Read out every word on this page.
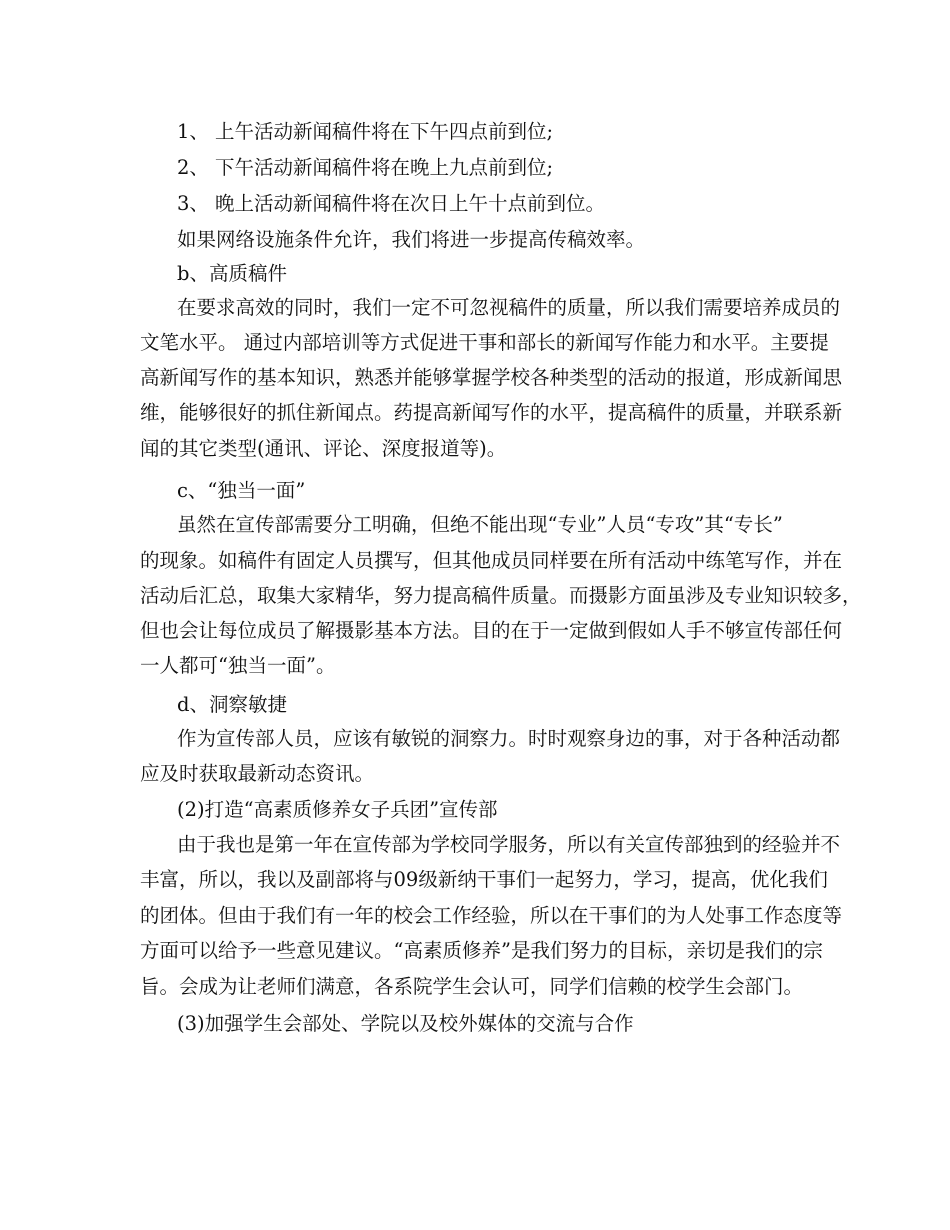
1、 上午活动新闻稿件将在下午四点前到位;
2、 下午活动新闻稿件将在晚上九点前到位;
3、 晚上活动新闻稿件将在次日上午十点前到位。
如果网络设施条件允许，我们将进一步提高传稿效率。
b、高质稿件
在要求高效的同时，我们一定不可忽视稿件的质量，所以我们需要培养成员的
文笔水平。 通过内部培训等方式促进干事和部长的新闻写作能力和水平。主要提
高新闻写作的基本知识，熟悉并能够掌握学校各种类型的活动的报道，形成新闻思
维，能够很好的抓住新闻点。药提高新闻写作的水平，提高稿件的质量，并联系新
闻的其它类型(通讯、评论、深度报道等)。
c、“独当一面”
虽然在宣传部需要分工明确，但绝不能出现“专业”人员“专攻”其“专长”
的现象。如稿件有固定人员撰写，但其他成员同样要在所有活动中练笔写作，并在
活动后汇总，取集大家精华，努力提高稿件质量。而摄影方面虽涉及专业知识较多，
但也会让每位成员了解摄影基本方法。目的在于一定做到假如人手不够宣传部任何
一人都可“独当一面”。
d、洞察敏捷
作为宣传部人员，应该有敏锐的洞察力。时时观察身边的事，对于各种活动都
应及时获取最新动态资讯。
(2)打造“高素质修养女子兵团”宣传部
由于我也是第一年在宣传部为学校同学服务，所以有关宣传部独到的经验并不
丰富，所以，我以及副部将与09级新纳干事们一起努力，学习，提高，优化我们
的团体。但由于我们有一年的校会工作经验，所以在干事们的为人处事工作态度等
方面可以给予一些意见建议。“高素质修养”是我们努力的目标，亲切是我们的宗
旨。会成为让老师们满意，各系院学生会认可，同学们信赖的校学生会部门。
(3)加强学生会部处、学院以及校外媒体的交流与合作
